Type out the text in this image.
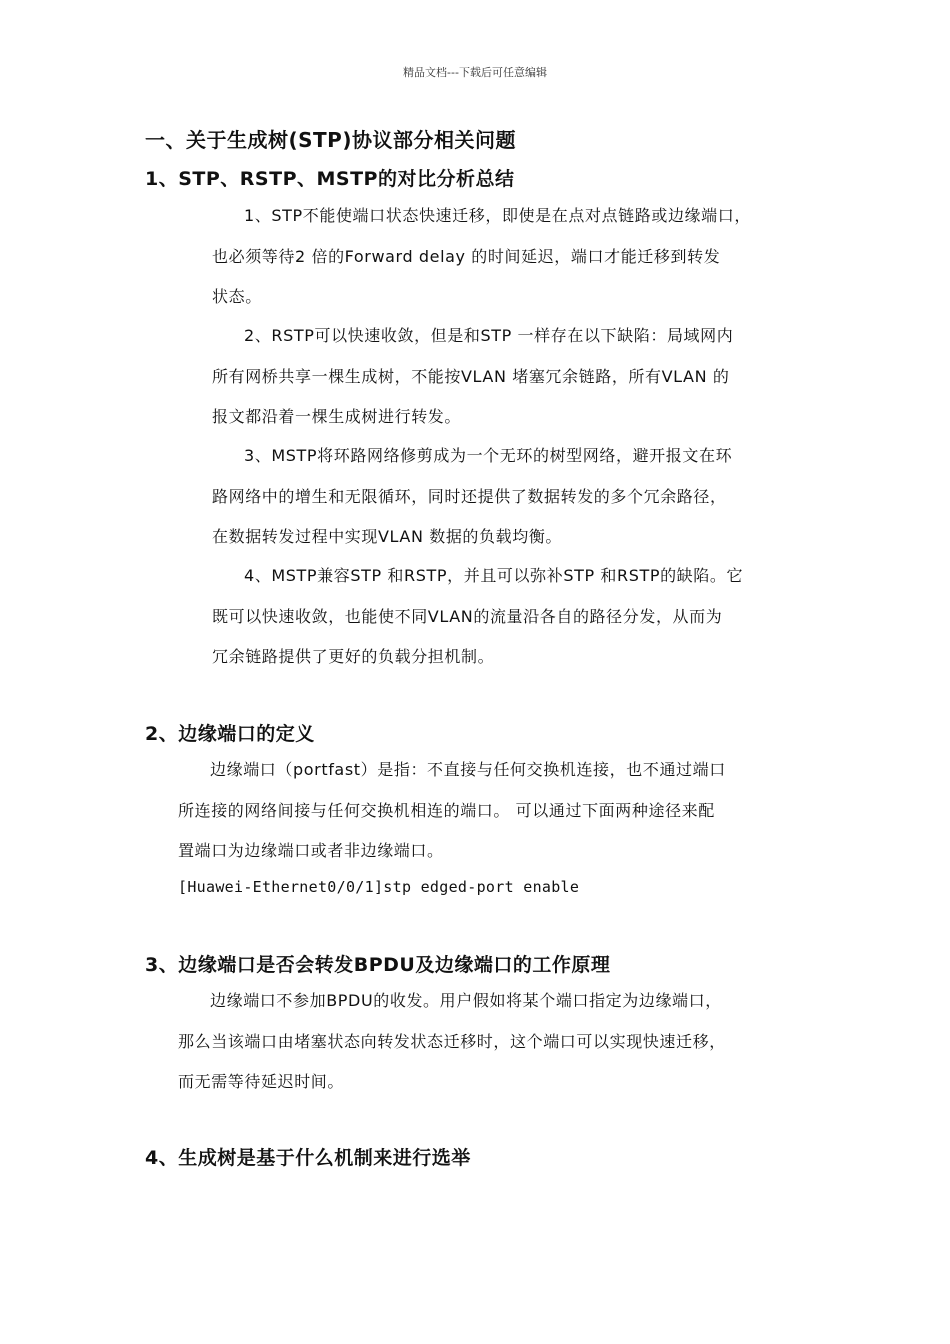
精品文档---下载后可任意编辑
一、关于生成树(STP)协议部分相关问题
1、STP、RSTP、MSTP的对比分析总结
1、STP不能使端口状态快速迁移，即使是在点对点链路或边缘端口，
也必须等待2 倍的Forward delay 的时间延迟，端口才能迁移到转发
状态。
2、RSTP可以快速收敛，但是和STP 一样存在以下缺陷：局域网内
所有网桥共享一棵生成树，不能按VLAN 堵塞冗余链路，所有VLAN 的
报文都沿着一棵生成树进行转发。
3、MSTP将环路网络修剪成为一个无环的树型网络，避开报文在环
路网络中的增生和无限循环，同时还提供了数据转发的多个冗余路径，
在数据转发过程中实现VLAN 数据的负载均衡。
4、MSTP兼容STP 和RSTP，并且可以弥补STP 和RSTP的缺陷。它
既可以快速收敛，也能使不同VLAN的流量沿各自的路径分发，从而为
冗余链路提供了更好的负载分担机制。
2、边缘端口的定义
边缘端口（portfast）是指：不直接与任何交换机连接，也不通过端口
所连接的网络间接与任何交换机相连的端口。 可以通过下面两种途径来配
置端口为边缘端口或者非边缘端口。
[Huawei-Ethernet0/0/1]stp edged-port enable
3、边缘端口是否会转发BPDU及边缘端口的工作原理
边缘端口不参加BPDU的收发。用户假如将某个端口指定为边缘端口，
那么当该端口由堵塞状态向转发状态迁移时，这个端口可以实现快速迁移，
而无需等待延迟时间。
4、生成树是基于什么机制来进行选举
